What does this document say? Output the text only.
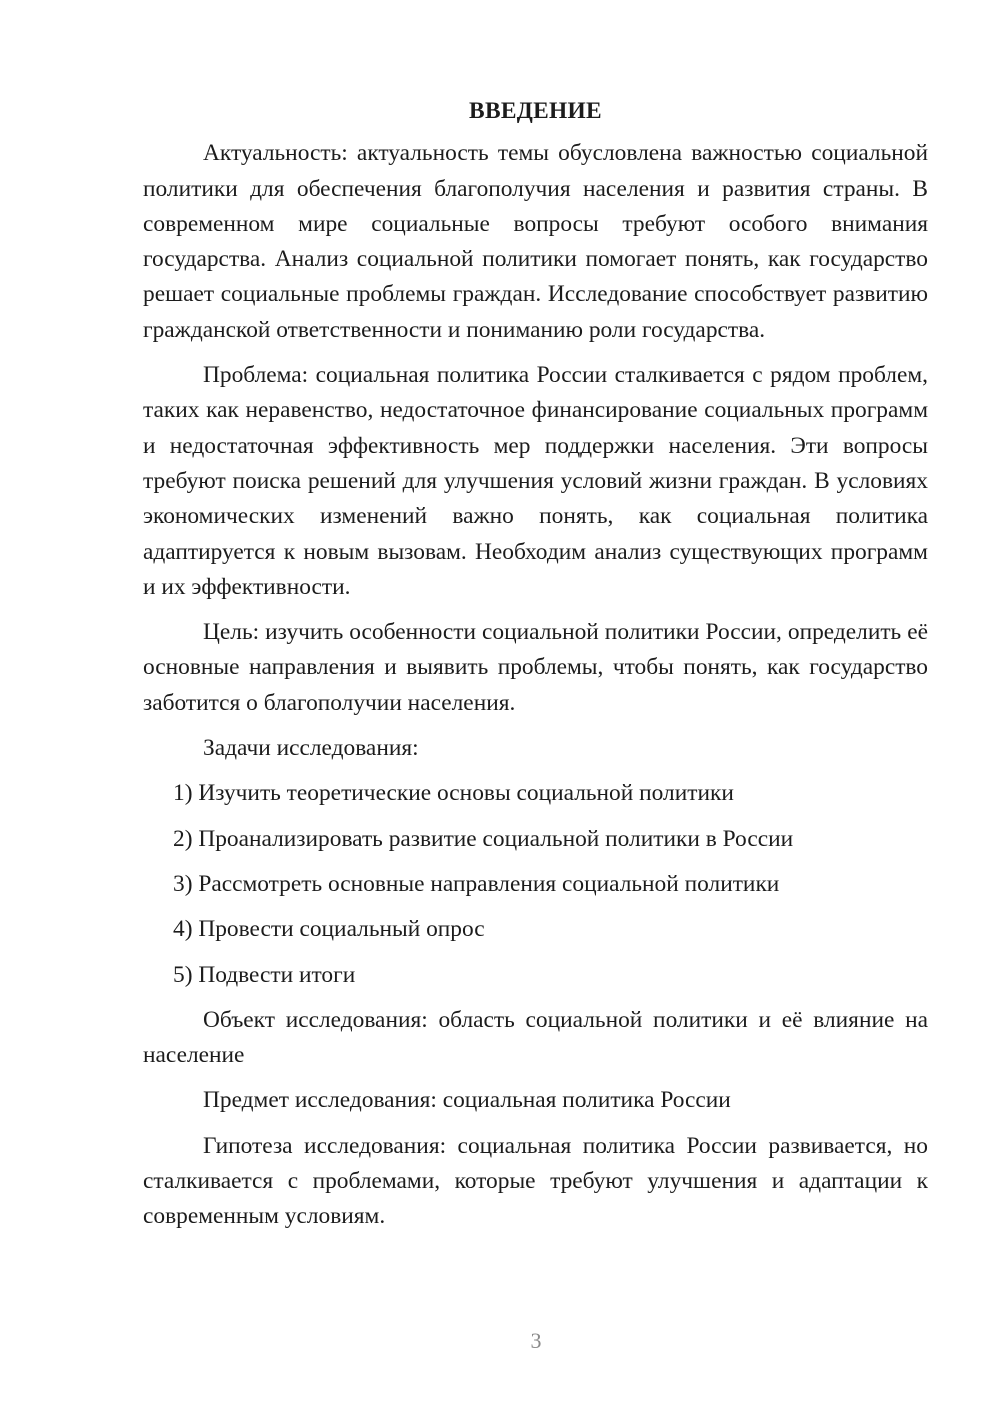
ВВЕДЕНИЕ

Актуальность: актуальность темы обусловлена важностью социальной политики для обеспечения благополучия населения и развития страны. В современном мире социальные вопросы требуют особого внимания государства. Анализ социальной политики помогает понять, как государство решает социальные проблемы граждан. Исследование способствует развитию гражданской ответственности и пониманию роли государства.

Проблема: социальная политика России сталкивается с рядом проблем, таких как неравенство, недостаточное финансирование социальных программ и недостаточная эффективность мер поддержки населения. Эти вопросы требуют поиска решений для улучшения условий жизни граждан. В условиях экономических изменений важно понять, как социальная политика адаптируется к новым вызовам. Необходим анализ существующих программ и их эффективности.

Цель: изучить особенности социальной политики России, определить её основные направления и выявить проблемы, чтобы понять, как государство заботится о благополучии населения.

Задачи исследования:

1) Изучить теоретические основы социальной политики
2) Проанализировать развитие социальной политики в России
3) Рассмотреть основные направления социальной политики
4) Провести социальный опрос
5) Подвести итоги

Объект исследования: область социальной политики и её влияние на население

Предмет исследования: социальная политика России

Гипотеза исследования: социальная политика России развивается, но сталкивается с проблемами, которые требуют улучшения и адаптации к современным условиям.

3
